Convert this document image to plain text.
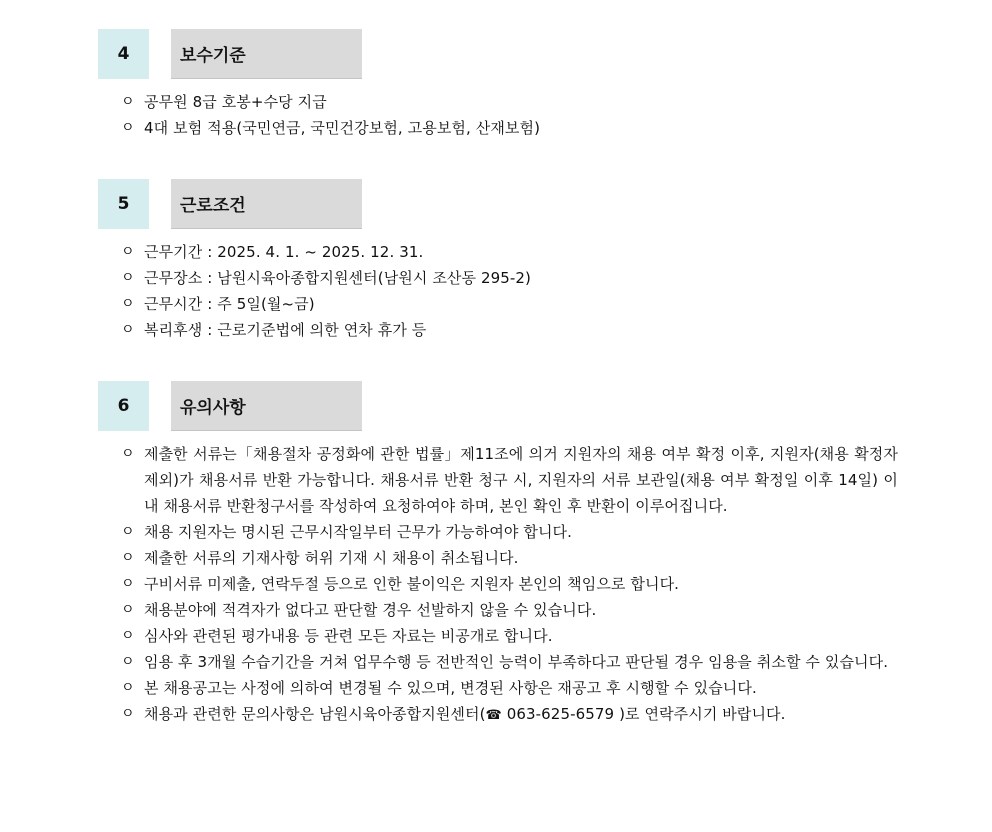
4	보수기준
ㅇ 공무원 8급 호봉+수당 지급
ㅇ 4대 보험 적용(국민연금, 국민건강보험, 고용보험, 산재보험)
5	근로조건
ㅇ 근무기간 : 2025. 4. 1. ~ 2025. 12. 31.
ㅇ 근무장소 : 남원시육아종합지원센터(남원시 조산동 295-2)
ㅇ 근무시간 : 주 5일(월~금)
ㅇ 복리후생 : 근로기준법에 의한 연차 휴가 등
6	유의사항
ㅇ 제출한 서류는「채용절차 공정화에 관한 법률」제11조에 의거 지원자의 채용 여부 확정 이후, 지원자(채용 확정자 제외)가 채용서류 반환 가능합니다. 채용서류 반환 청구 시, 지원자의 서류 보관일(채용 여부 확정일 이후 14일) 이내 채용서류 반환청구서를 작성하여 요청하여야 하며, 본인 확인 후 반환이 이루어집니다.
ㅇ 채용 지원자는 명시된 근무시작일부터 근무가 가능하여야 합니다.
ㅇ 제출한 서류의 기재사항 허위 기재 시 채용이 취소됩니다.
ㅇ 구비서류 미제출, 연락두절 등으로 인한 불이익은 지원자 본인의 책임으로 합니다.
ㅇ 채용분야에 적격자가 없다고 판단할 경우 선발하지 않을 수 있습니다.
ㅇ 심사와 관련된 평가내용 등 관련 모든 자료는 비공개로 합니다.
ㅇ 임용 후 3개월 수습기간을 거쳐 업무수행 등 전반적인 능력이 부족하다고 판단될 경우 임용을 취소할 수 있습니다.
ㅇ 본 채용공고는 사정에 의하여 변경될 수 있으며, 변경된 사항은 재공고 후 시행할 수 있습니다.
ㅇ 채용과 관련한 문의사항은 남원시육아종합지원센터(☎ 063-625-6579 )로 연락주시기 바랍니다.
